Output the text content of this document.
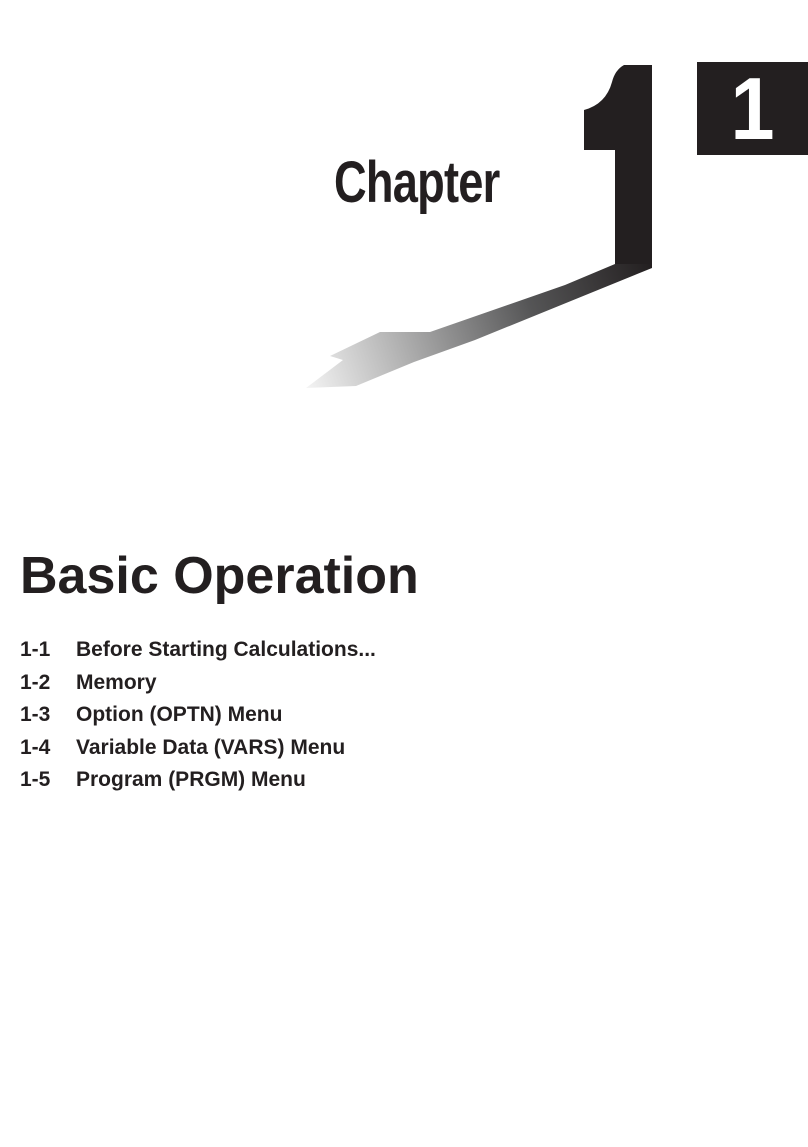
Chapter
1
Basic Operation
1-1	Before Starting Calculations...
1-2	Memory
1-3	Option (OPTN) Menu
1-4	Variable Data (VARS) Menu
1-5	Program (PRGM) Menu
